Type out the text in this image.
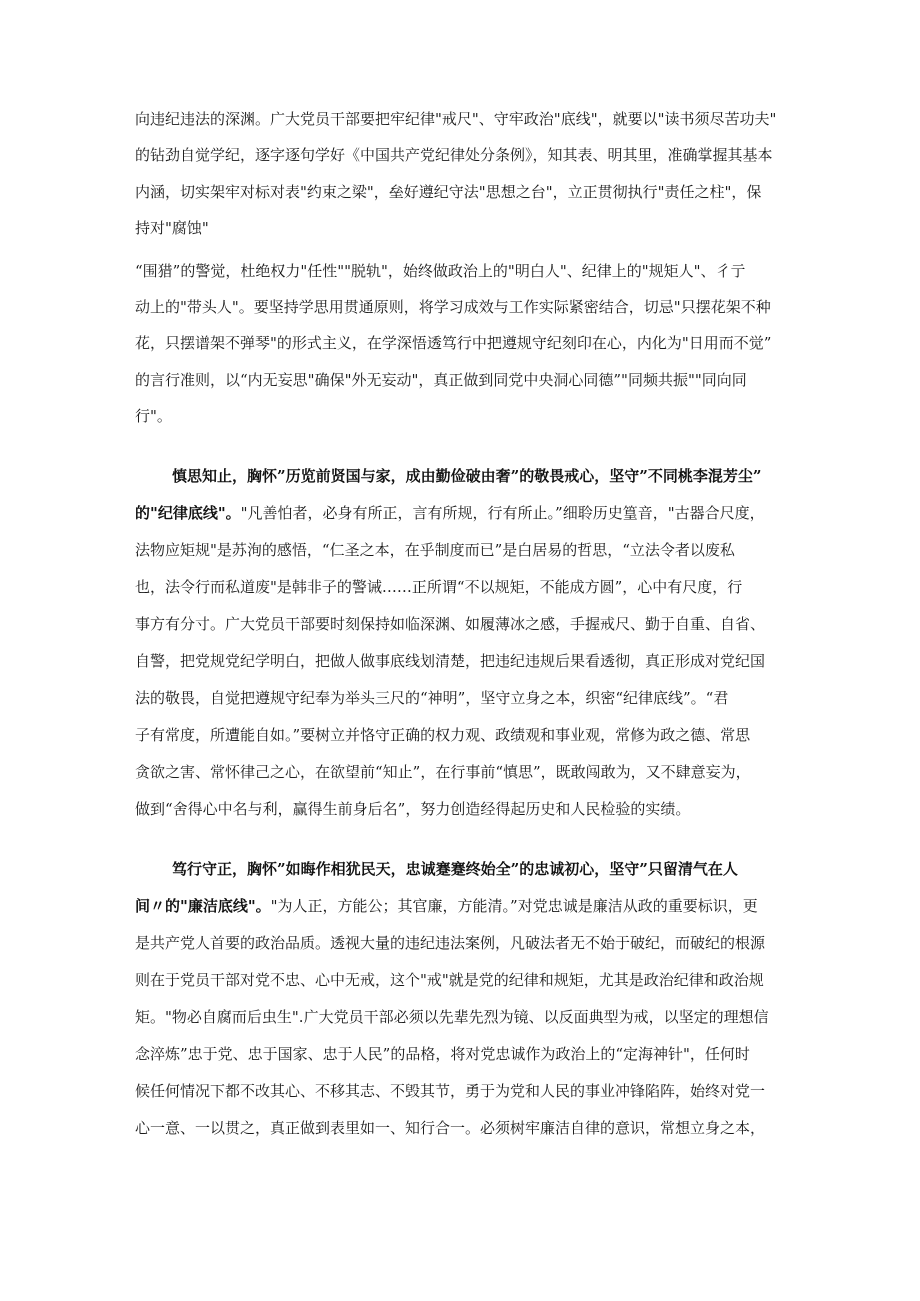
向违纪违法的深渊。广大党员干部要把牢纪律"戒尺"、守牢政治"底线"，就要以"读书须尽苦功夫"
的钻劲自觉学纪，逐字逐句学好《中国共产党纪律处分条例》，知其表、明其里，准确掌握其基本
内涵，切实架牢对标对表"约束之梁"，垒好遵纪守法"思想之台"，立正贯彻执行"责任之柱"，保
持对"腐蚀"
“围猎”的警觉，杜绝权力"任性""脱轨"，始终做政治上的"明白人"、纪律上的"规矩人"、彳亍
动上的"带头人"。要坚持学思用贯通原则，将学习成效与工作实际紧密结合，切忌"只摆花架不种
花，只摆谱架不弹琴"的形式主义，在学深悟透笃行中把遵规守纪刻印在心，内化为"日用而不觉”
的言行准则，以“内无妄思"确保"外无妄动"，真正做到同党中央洞心同德”"同频共振""同向同
行"。
慎思知止，胸怀”历览前贤国与家，成由勤俭破由奢”的敬畏戒心，坚守”不同桃李混芳尘”
的"纪律底线"。"凡善怕者，必身有所正，言有所规，行有所止。”细聆历史篁音，"古器合尺度，
法物应矩规"是苏洵的感悟，“仁圣之本，在乎制度而已”是白居易的哲思，“立法令者以废私
也，法令行而私道废"是韩非子的警诫……正所谓“不以规矩，不能成方圆”，心中有尺度，行
事方有分寸。广大党员干部要时刻保持如临深渊、如履薄冰之感，手握戒尺、勤于自重、自省、
自警，把党规党纪学明白，把做人做事底线划清楚，把违纪违规后果看透彻，真正形成对党纪国
法的敬畏，自觉把遵规守纪奉为举头三尺的“神明”，坚守立身之本，织密“纪律底线”。“君
子有常度，所遭能自如。”要树立并恪守正确的权力观、政绩观和事业观，常修为政之德、常思
贪欲之害、常怀律己之心，在欲望前“知止”，在行事前“慎思”，既敢闯敢为，又不肆意妄为，
做到“舍得心中名与利，赢得生前身后名”，努力创造经得起历史和人民检验的实绩。
笃行守正，胸怀”如晦作相犹民天，忠诚蹇蹇终始全”的忠诚初心，坚守”只留清气在人
间〃的"廉洁底线"。"为人正，方能公；其官廉，方能清。”对党忠诚是廉洁从政的重要标识，更
是共产党人首要的政治品质。透视大量的违纪违法案例，凡破法者无不始于破纪，而破纪的根源
则在于党员干部对党不忠、心中无戒，这个"戒"就是党的纪律和规矩，尤其是政治纪律和政治规
矩。"物必自腐而后虫生".广大党员干部必须以先辈先烈为镜、以反面典型为戒，以坚定的理想信
念淬炼”忠于党、忠于国家、忠于人民”的品格，将对党忠诚作为政治上的“定海神针"，任何时
候任何情况下都不改其心、不移其志、不毁其节，勇于为党和人民的事业冲锋陷阵，始终对党一
心一意、一以贯之，真正做到表里如一、知行合一。必须树牢廉洁自律的意识，常想立身之本，
